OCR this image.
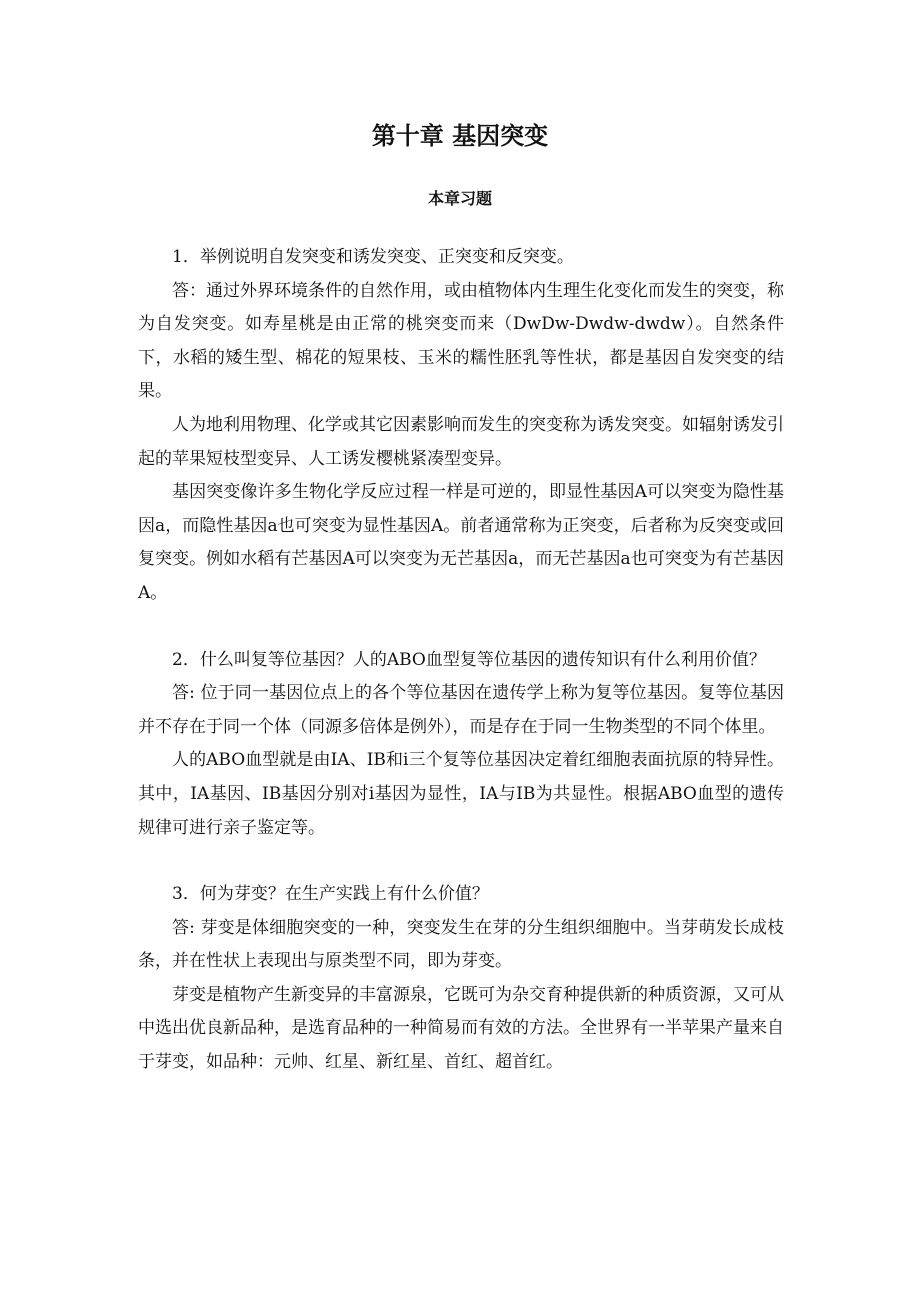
第十章 基因突变
本章习题

1．举例说明自发突变和诱发突变、正突变和反突变。

答：通过外界环境条件的自然作用，或由植物体内生理生化变化而发生的突变，称为自发突变。如寿星桃是由正常的桃突变而来（DwDw-Dwdw-dwdw）。自然条件下，水稻的矮生型、棉花的短果枝、玉米的糯性胚乳等性状，都是基因自发突变的结果。

人为地利用物理、化学或其它因素影响而发生的突变称为诱发突变。如辐射诱发引起的苹果短枝型变异、人工诱发樱桃紧凑型变异。

基因突变像许多生物化学反应过程一样是可逆的，即显性基因A可以突变为隐性基因a，而隐性基因a也可突变为显性基因A。前者通常称为正突变，后者称为反突变或回复突变。例如水稻有芒基因A可以突变为无芒基因a，而无芒基因a也可突变为有芒基因A。

2．什么叫复等位基因？人的ABO血型复等位基因的遗传知识有什么利用价值？

答: 位于同一基因位点上的各个等位基因在遗传学上称为复等位基因。复等位基因并不存在于同一个体（同源多倍体是例外），而是存在于同一生物类型的不同个体里。

人的ABO血型就是由IA、IB和i三个复等位基因决定着红细胞表面抗原的特异性。其中，IA基因、IB基因分别对i基因为显性，IA与IB为共显性。根据ABO血型的遗传规律可进行亲子鉴定等。

3．何为芽变？在生产实践上有什么价值？

答: 芽变是体细胞突变的一种，突变发生在芽的分生组织细胞中。当芽萌发长成枝条，并在性状上表现出与原类型不同，即为芽变。

芽变是植物产生新变异的丰富源泉，它既可为杂交育种提供新的种质资源，又可从中选出优良新品种，是选育品种的一种简易而有效的方法。全世界有一半苹果产量来自于芽变，如品种：元帅、红星、新红星、首红、超首红。
